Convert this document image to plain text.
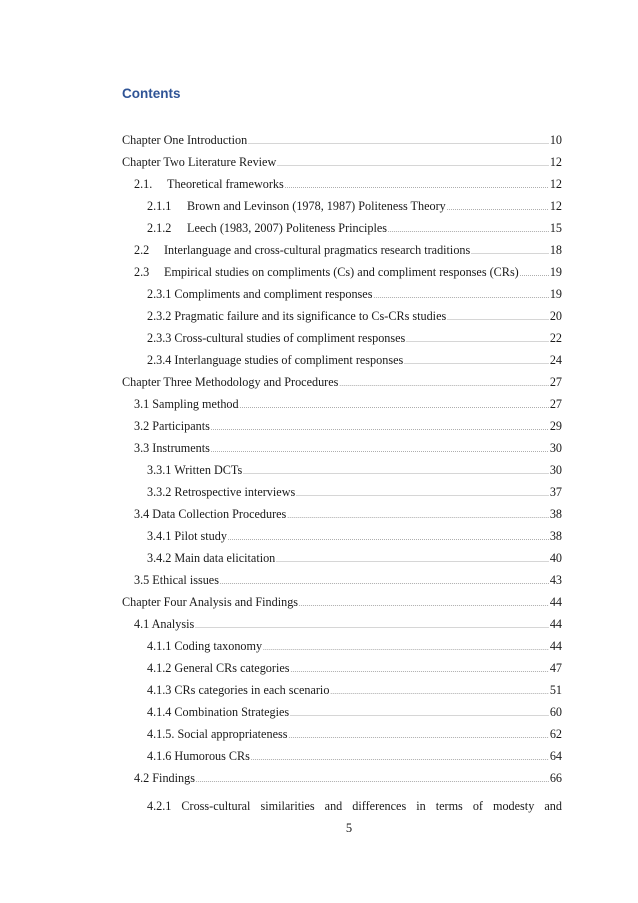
Contents
Chapter One Introduction .....	10
Chapter Two Literature Review .....	12
2.1. Theoretical frameworks .....	12
2.1.1 Brown and Levinson (1978, 1987) Politeness Theory .....	12
2.1.2 Leech (1983, 2007) Politeness Principles .....	15
2.2 Interlanguage and cross-cultural pragmatics research traditions .....	18
2.3 Empirical studies on compliments (Cs) and compliment responses (CRs) .....	19
2.3.1 Compliments and compliment responses .....	19
2.3.2 Pragmatic failure and its significance to Cs-CRs studies .....	20
2.3.3 Cross-cultural studies of compliment responses .....	22
2.3.4 Interlanguage studies of compliment responses .....	24
Chapter Three Methodology and Procedures .....	27
3.1 Sampling method .....	27
3.2 Participants .....	29
3.3 Instruments .....	30
3.3.1 Written DCTs .....	30
3.3.2 Retrospective interviews .....	37
3.4 Data Collection Procedures .....	38
3.4.1 Pilot study .....	38
3.4.2 Main data elicitation .....	40
3.5 Ethical issues .....	43
Chapter Four Analysis and Findings .....	44
4.1 Analysis .....	44
4.1.1 Coding taxonomy .....	44
4.1.2 General CRs categories .....	47
4.1.3 CRs categories in each scenario .....	51
4.1.4 Combination Strategies .....	60
4.1.5. Social appropriateness .....	62
4.1.6 Humorous CRs .....	64
4.2 Findings .....	66
4.2.1 Cross-cultural similarities and differences in terms of modesty and
5
